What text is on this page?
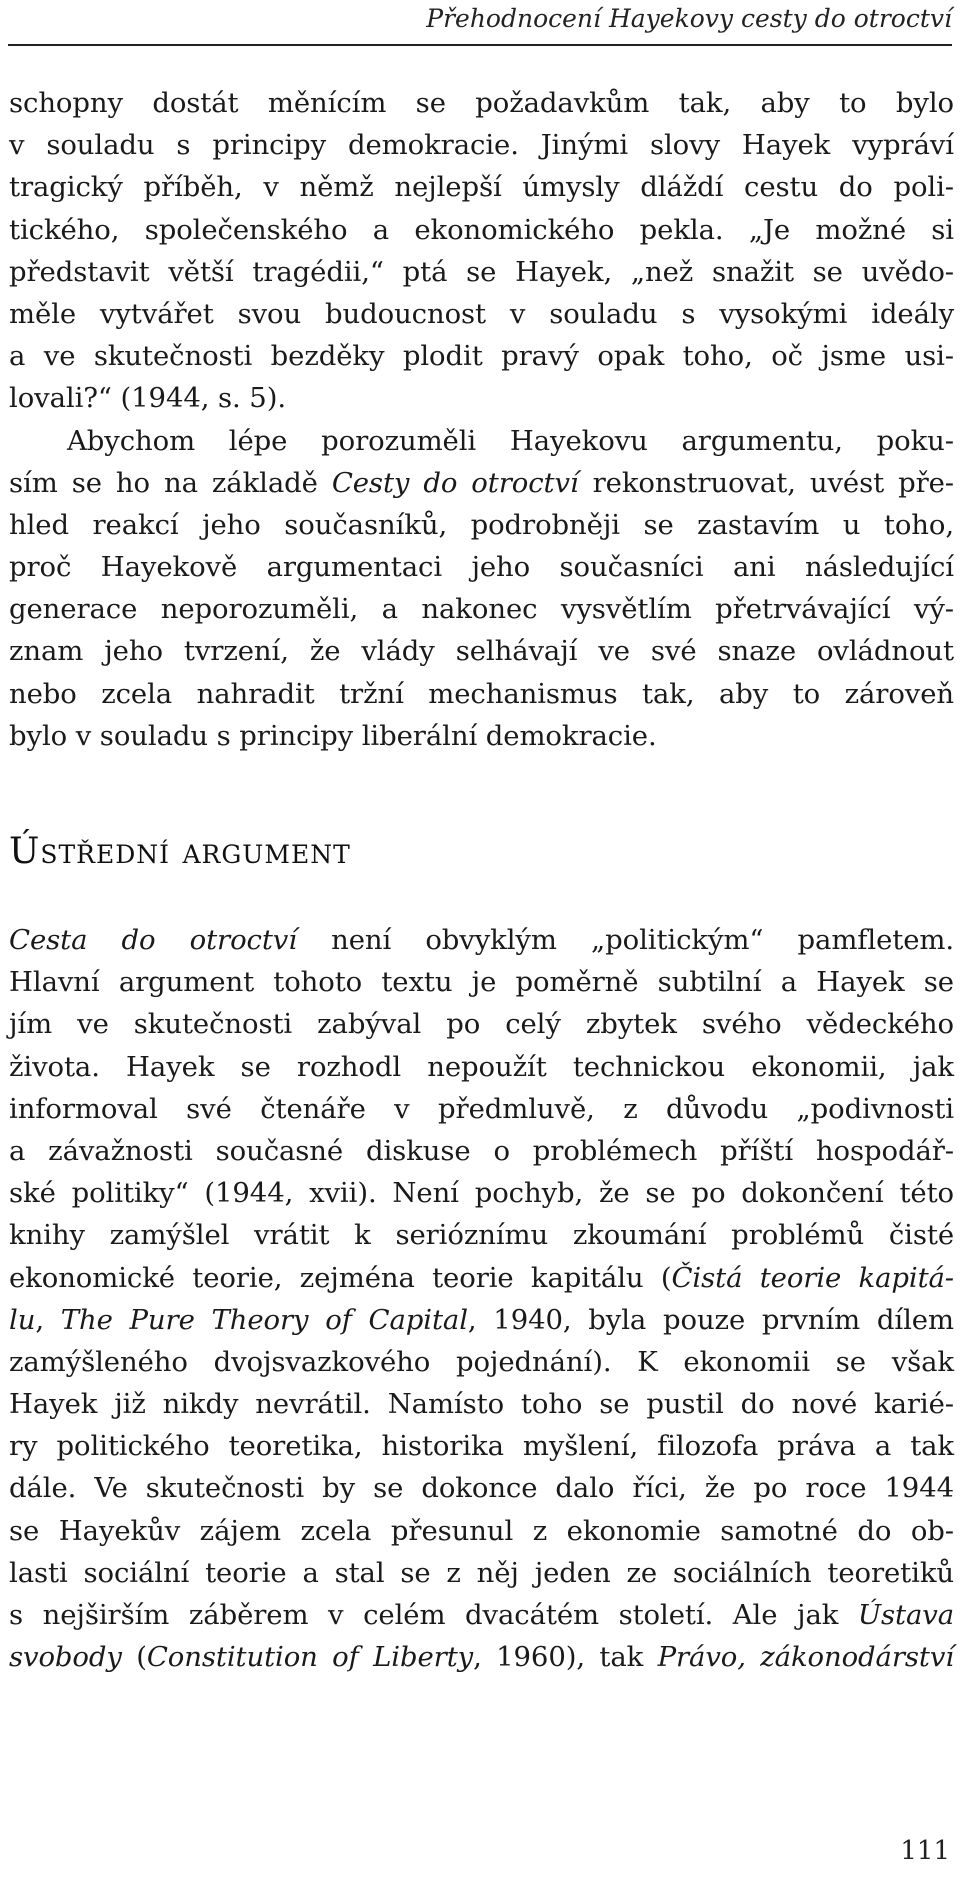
Přehodnocení Hayekovy cesty do otroctví
schopny dostát měnícím se požadavkům tak, aby to bylo
v souladu s principy demokracie. Jinými slovy Hayek vypráví
tragický příběh, v němž nejlepší úmysly dláždí cestu do poli-
tického, společenského a ekonomického pekla. „Je možné si
představit větší tragédii,“ ptá se Hayek, „než snažit se uvědo-
měle vytvářet svou budoucnost v souladu s vysokými ideály
a ve skutečnosti bezděky plodit pravý opak toho, oč jsme usi-
lovali?“ (1944, s. 5).
Abychom lépe porozuměli Hayekovu argumentu, poku-
sím se ho na základě Cesty do otroctví rekonstruovat, uvést pře-
hled reakcí jeho současníků, podrobněji se zastavím u toho,
proč Hayekově argumentaci jeho současníci ani následující
generace neporozuměli, a nakonec vysvětlím přetrvávající vý-
znam jeho tvrzení, že vlády selhávají ve své snaze ovládnout
nebo zcela nahradit tržní mechanismus tak, aby to zároveň
bylo v souladu s principy liberální demokracie.
Ústřední argument
Cesta do otroctví není obvyklým „politickým“ pamfletem.
Hlavní argument tohoto textu je poměrně subtilní a Hayek se
jím ve skutečnosti zabýval po celý zbytek svého vědeckého
života. Hayek se rozhodl nepoužít technickou ekonomii, jak
informoval své čtenáře v předmluvě, z důvodu „podivnosti
a závažnosti současné diskuse o problémech příští hospodář-
ské politiky“ (1944, xvii). Není pochyb, že se po dokončení této
knihy zamýšlel vrátit k serióznímu zkoumání problémů čisté
ekonomické teorie, zejména teorie kapitálu (Čistá teorie kapitá-
lu, The Pure Theory of Capital, 1940, byla pouze prvním dílem
zamýšleného dvojsvazkového pojednání). K ekonomii se však
Hayek již nikdy nevrátil. Namísto toho se pustil do nové karié-
ry politického teoretika, historika myšlení, filozofa práva a tak
dále. Ve skutečnosti by se dokonce dalo říci, že po roce 1944
se Hayekův zájem zcela přesunul z ekonomie samotné do ob-
lasti sociální teorie a stal se z něj jeden ze sociálních teoretiků
s nejširším záběrem v celém dvacátém století. Ale jak Ústava
svobody (Constitution of Liberty, 1960), tak Právo, zákonodárství
111
